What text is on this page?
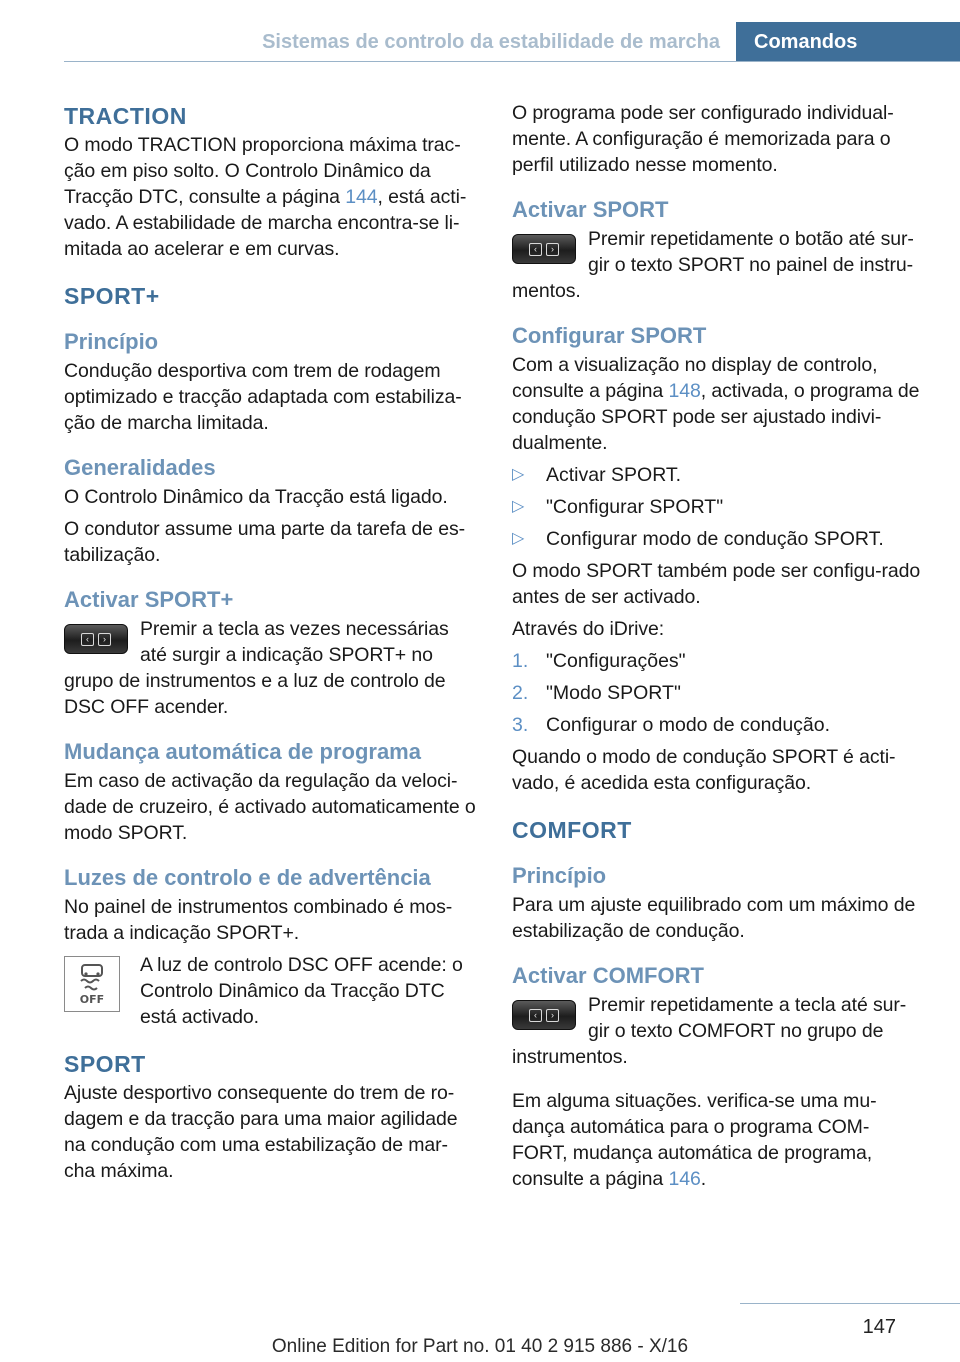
Sistemas de controlo da estabilidade de marcha	Comandos
TRACTION

O modo TRACTION proporciona máxima trac-ção em piso solto. O Controlo Dinâmico da Tracção DTC, consulte a página 144, está acti-vado. A estabilidade de marcha encontra-se li-mitada ao acelerar e em curvas.

SPORT+
Princípio

Condução desportiva com trem de rodagem optimizado e tracção adaptada com estabiliza-ção de marcha limitada.

Generalidades

O Controlo Dinâmico da Tracção está ligado.

O condutor assume uma parte da tarefa de es-tabilização.

Activar SPORT+
‹	›	Premir a tecla as vezes necessárias até surgir a indicação SPORT+ no

grupo de instrumentos e a luz de controlo de DSC OFF acender.

Mudança automática de programa

Em caso de activação da regulação da veloci-dade de cruzeiro, é activado automaticamente o modo SPORT.

Luzes de controlo e de advertência

No painel de instrumentos combinado é mos-trada a indicação SPORT+.

OFF

A luz de controlo DSC OFF acende: o Controlo Dinâmico da Tracção DTC está activado.

SPORT

Ajuste desportivo consequente do trem de ro-dagem e da tracção para uma maior agilidade na condução com uma estabilização de mar-cha máxima.

O programa pode ser configurado individual-mente. A configuração é memorizada para o perfil utilizado nesse momento.

Activar SPORT
‹	›	Premir repetidamente o botão até sur-gir o texto SPORT no painel de instru-

mentos.

Configurar SPORT

Com a visualização no display de controlo, consulte a página 148, activada, o programa de condução SPORT pode ser ajustado indivi-dualmente.

▷ Activar SPORT.
▷ "Configurar SPORT"
▷ Configurar modo de condução SPORT.

O modo SPORT também pode ser configu-rado antes de ser activado.

Através do iDrive:

1. "Configurações"
2. "Modo SPORT"
3. Configurar o modo de condução.

Quando o modo de condução SPORT é acti-vado, é acedida esta configuração.

COMFORT
Princípio

Para um ajuste equilibrado com um máximo de estabilização de condução.

Activar COMFORT
‹	›	Premir repetidamente a tecla até sur-gir o texto COMFORT no grupo de

instrumentos.

Em alguma situações. verifica-se uma mu-dança automática para o programa COM-FORT, mudança automática de programa, consulte a página 146.

147
Online Edition for Part no. 01 40 2 915 886 - X/16
